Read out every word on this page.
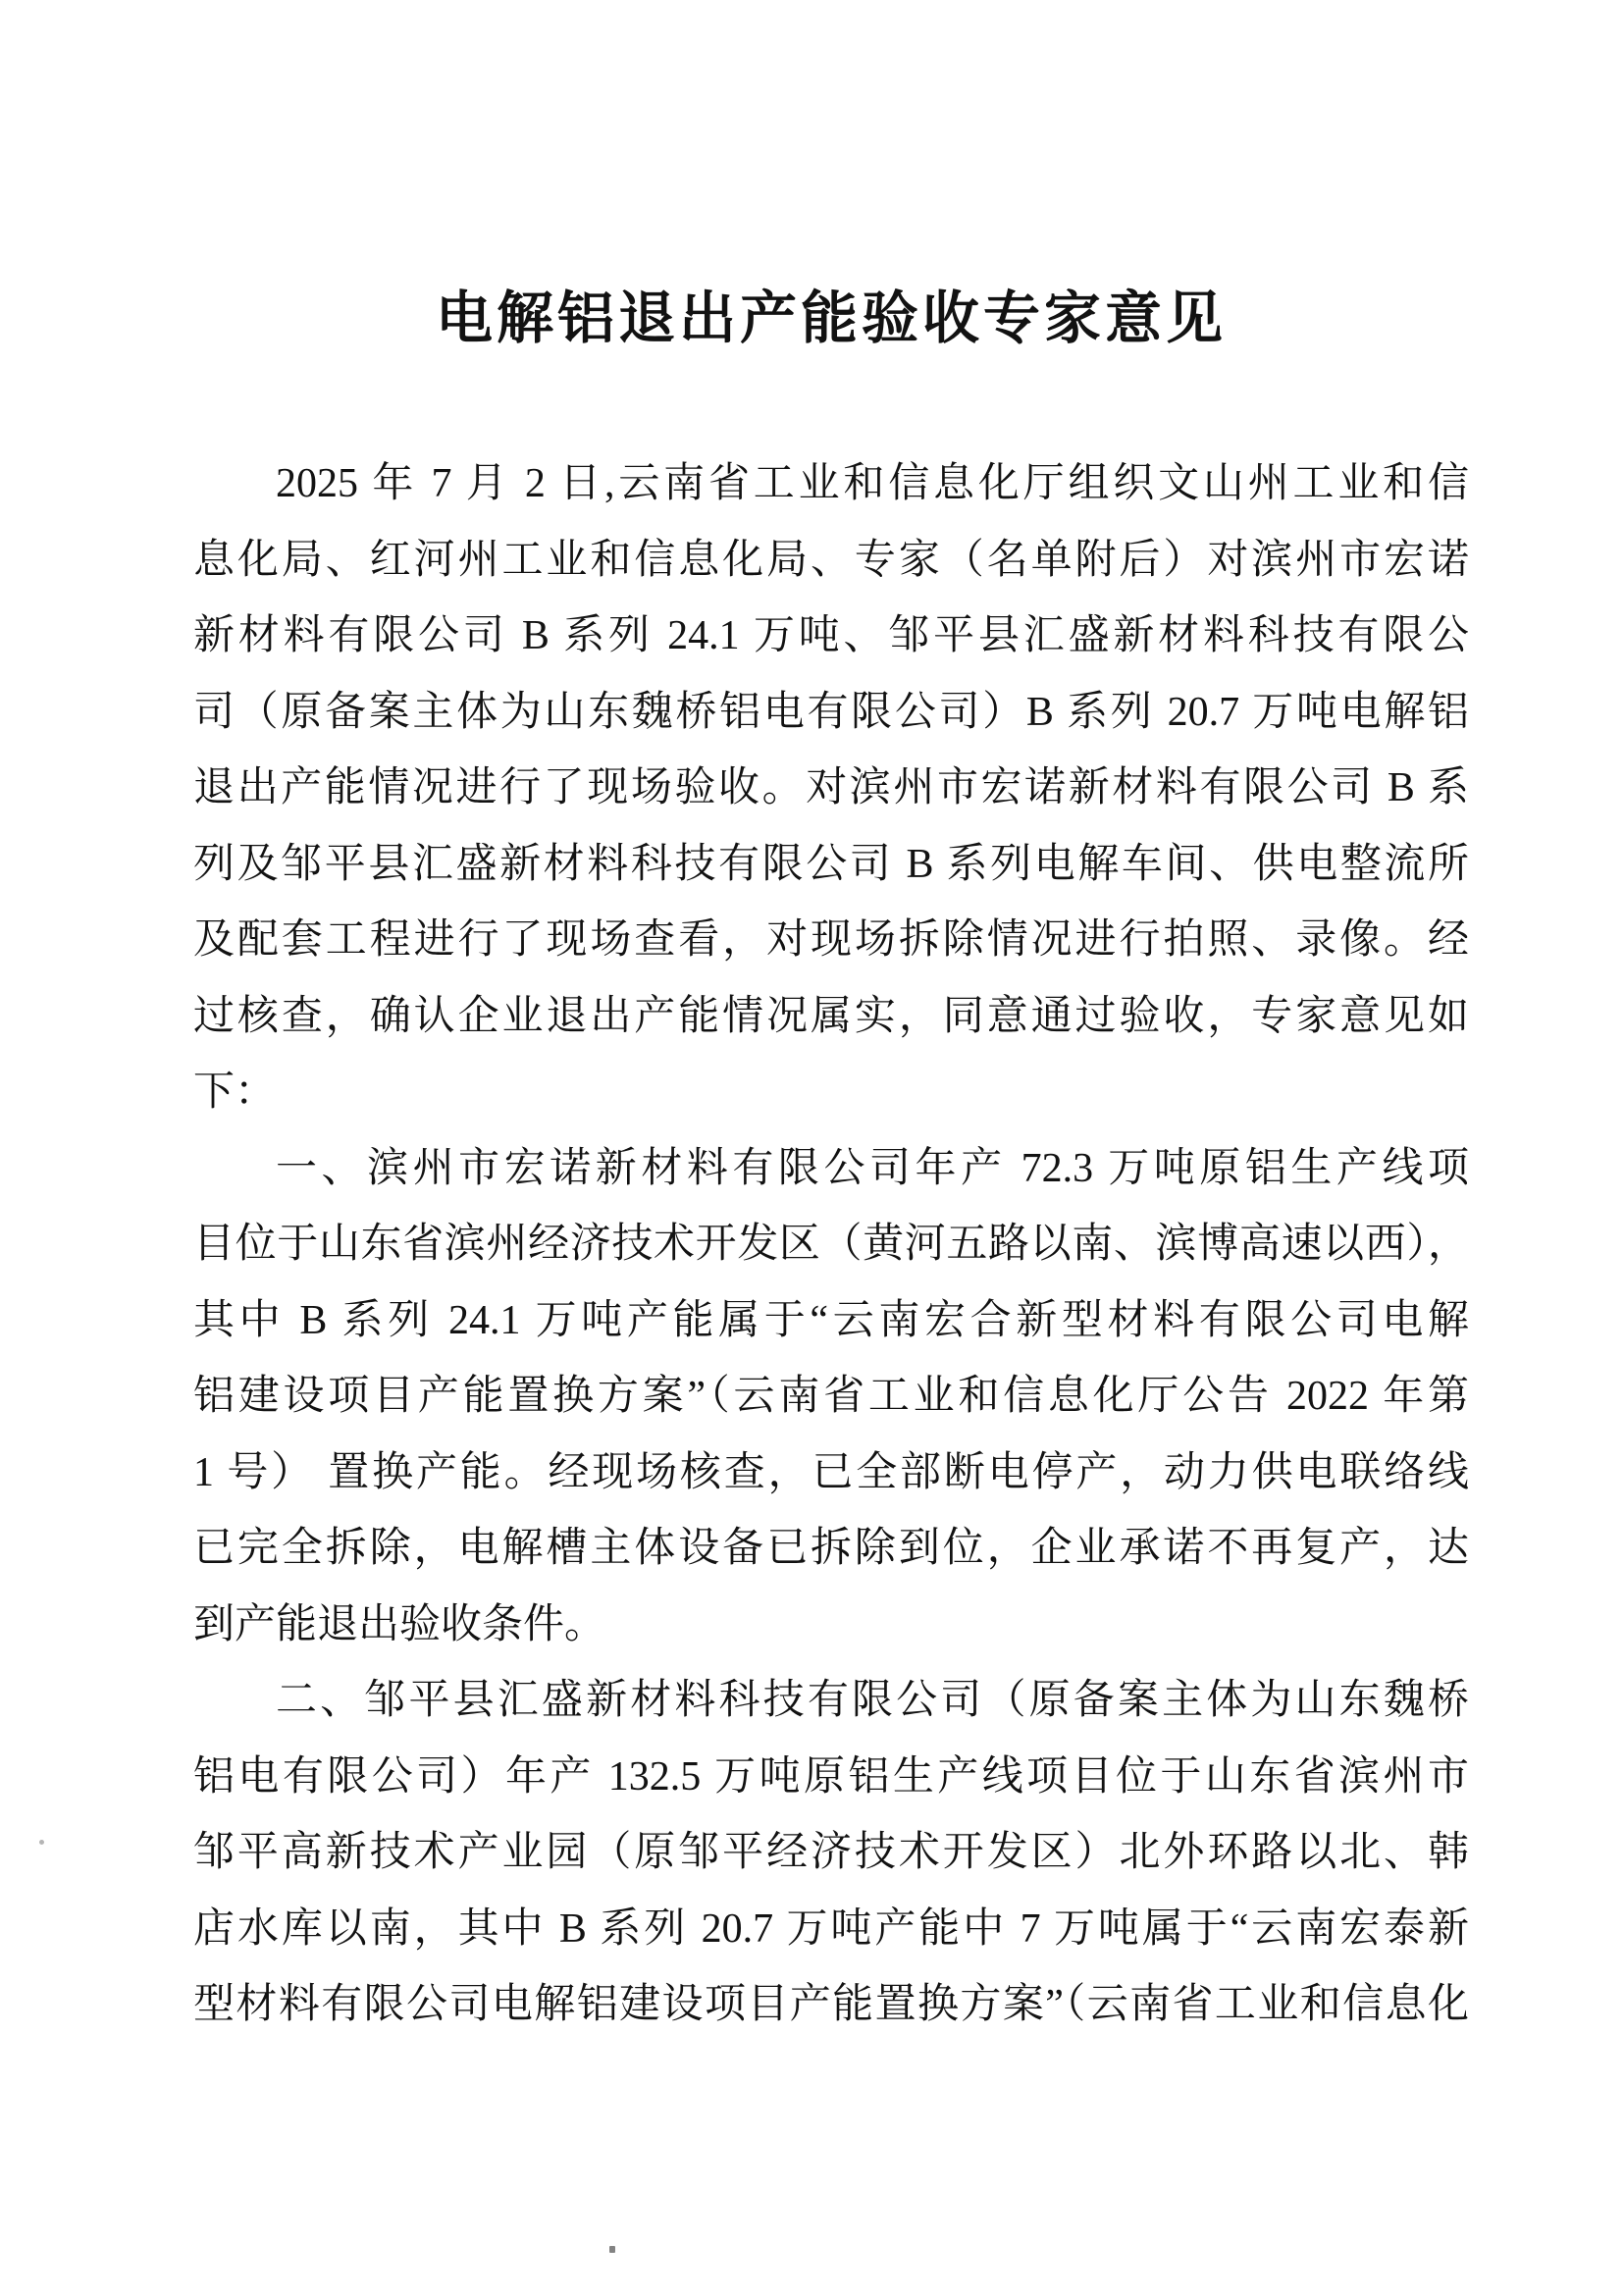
电解铝退出产能验收专家意见

2025 年 7 月 2 日,云南省工业和信息化厅组织文山州工业和信

息化局、红河州工业和信息化局、专家（名单附后）对滨州市宏诺

新材料有限公司 B 系列 24.1 万吨、邹平县汇盛新材料科技有限公

司（原备案主体为山东魏桥铝电有限公司）B 系列 20.7 万吨电解铝

退出产能情况进行了现场验收。对滨州市宏诺新材料有限公司 B 系

列及邹平县汇盛新材料科技有限公司 B 系列电解车间、供电整流所

及配套工程进行了现场查看，对现场拆除情况进行拍照、录像。经

过核查，确认企业退出产能情况属实，同意通过验收，专家意见如

下：

一、滨州市宏诺新材料有限公司年产 72.3 万吨原铝生产线项

目位于山东省滨州经济技术开发区（黄河五路以南、滨博高速以西），

其中 B 系列 24.1 万吨产能属于“云南宏合新型材料有限公司电解

铝建设项目产能置换方案”（云南省工业和信息化厅公告 2022 年第

1 号） 置换产能。经现场核查，已全部断电停产，动力供电联络线

已完全拆除，电解槽主体设备已拆除到位，企业承诺不再复产，达

到产能退出验收条件。

二、邹平县汇盛新材料科技有限公司（原备案主体为山东魏桥

铝电有限公司）年产 132.5 万吨原铝生产线项目位于山东省滨州市

邹平高新技术产业园（原邹平经济技术开发区）北外环路以北、韩

店水库以南，其中 B 系列 20.7 万吨产能中 7 万吨属于“云南宏泰新

型材料有限公司电解铝建设项目产能置换方案”（云南省工业和信息化
